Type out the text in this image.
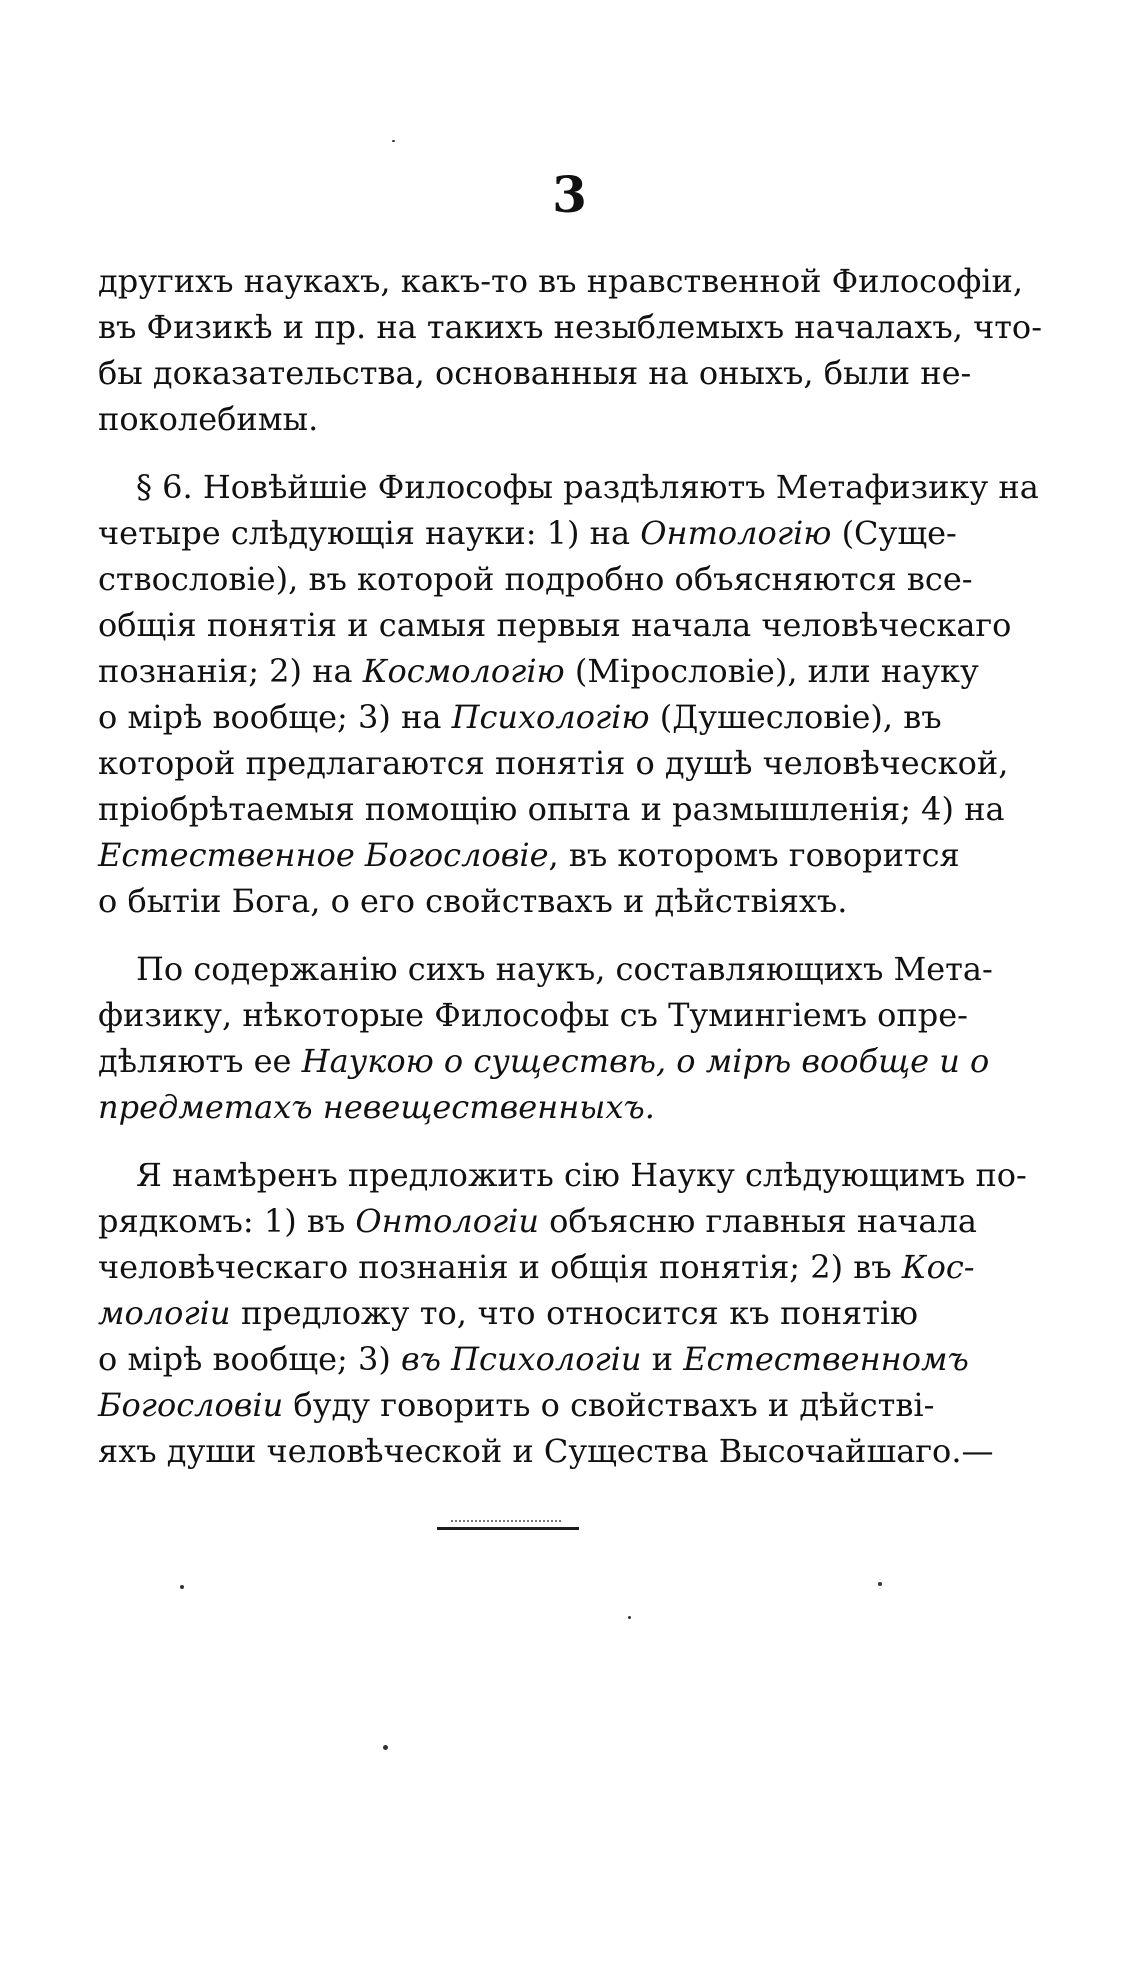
3
другихъ наукахъ, какъ-то въ нравственной Философіи,
въ Физикѣ и пр. на такихъ незыблемыхъ началахъ, что-
бы доказательства, основанныя на оныхъ, были не-
поколебимы.
§ 6. Новѣйшіе Философы раздѣляютъ Метафизику на
четыре слѣдующія науки: 1) на Онтологію (Суще-
ствословіе), въ которой подробно объясняются все-
общія понятія и самыя первыя начала человѣческаго
познанія; 2) на Космологію (Міpocлoвie), или науку
о мірѣ вообще; 3) на Психологію (Душесловіе), въ
которой предлагаются понятія о душѣ человѣческой,
пріобрѣтаемыя помощію опыта и размышленія; 4) на
Естественное Богословіе, въ которомъ говорится
о бытіи Бога, о его свойствахъ и дѣйствіяхъ.
По содержанію сихъ наукъ, составляющихъ Мета-
физику, нѣкоторые Философы съ Тумингіемъ опре-
дѣляютъ ее Наукою о существѣ, о мірѣ вообще и о
предметахъ невещественныхъ.
Я намѣренъ предложить сію Науку слѣдующимъ по-
рядкомъ: 1) въ Онтологіи объясню главныя начала
человѣческаго познанія и общія понятія; 2) въ Кос-
мологіи предложу то, что относится къ понятію
о мірѣ вообще; 3) въ Психологіи и Естественномъ
Богословіи буду говорить о свойствахъ и дѣйстві-
яхъ души человѣческой и Существа Высочайшаго.—
